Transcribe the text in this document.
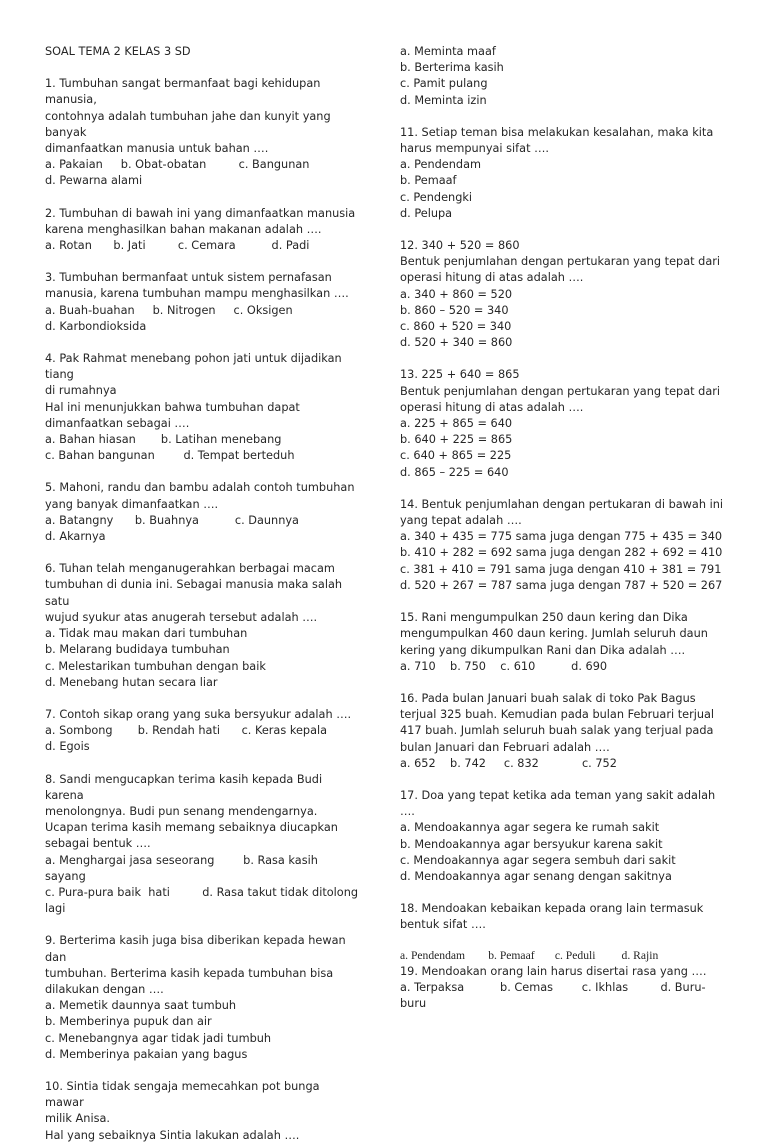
SOAL TEMA 2 KELAS 3 SD
1. Tumbuhan sangat bermanfaat bagi kehidupan manusia,
contohnya adalah tumbuhan jahe dan kunyit yang banyak
dimanfaatkan manusia untuk bahan ….
a. Pakaian     b. Obat-obatan         c. Bangunan
d. Pewarna alami
2. Tumbuhan di bawah ini yang dimanfaatkan manusia
karena menghasilkan bahan makanan adalah ….
a. Rotan      b. Jati         c. Cemara          d. Padi
3. Tumbuhan bermanfaat untuk sistem pernafasan
manusia, karena tumbuhan mampu menghasilkan ….
a. Buah-buahan     b. Nitrogen     c. Oksigen
d. Karbondioksida
4. Pak Rahmat menebang pohon jati untuk dijadikan tiang
di rumahnya
Hal ini menunjukkan bahwa tumbuhan dapat
dimanfaatkan sebagai ….
a. Bahan hiasan       b. Latihan menebang
c. Bahan bangunan        d. Tempat berteduh
5. Mahoni, randu dan bambu adalah contoh tumbuhan
yang banyak dimanfaatkan ….
a. Batangny      b. Buahnya          c. Daunnya
d. Akarnya
6. Tuhan telah menganugerahkan berbagai macam
tumbuhan di dunia ini. Sebagai manusia maka salah satu
wujud syukur atas anugerah tersebut adalah ….
a. Tidak mau makan dari tumbuhan
b. Melarang budidaya tumbuhan
c. Melestarikan tumbuhan dengan baik
d. Menebang hutan secara liar
7. Contoh sikap orang yang suka bersyukur adalah ….
a. Sombong       b. Rendah hati      c. Keras kepala
d. Egois
8. Sandi mengucapkan terima kasih kepada Budi karena
menolongnya. Budi pun senang mendengarnya.
Ucapan terima kasih memang sebaiknya diucapkan
sebagai bentuk ….
a. Menghargai jasa seseorang        b. Rasa kasih sayang
c. Pura-pura baik  hati         d. Rasa takut tidak ditolong lagi
9. Berterima kasih juga bisa diberikan kepada hewan dan
tumbuhan. Berterima kasih kepada tumbuhan bisa
dilakukan dengan ….
a. Memetik daunnya saat tumbuh
b. Memberinya pupuk dan air
c. Menebangnya agar tidak jadi tumbuh
d. Memberinya pakaian yang bagus
10. Sintia tidak sengaja memecahkan pot bunga mawar
milik Anisa.
Hal yang sebaiknya Sintia lakukan adalah ….
a. Meminta maaf
b. Berterima kasih
c. Pamit pulang
d. Meminta izin
11. Setiap teman bisa melakukan kesalahan, maka kita
harus mempunyai sifat ….
a. Pendendam
b. Pemaaf
c. Pendengki
d. Pelupa
12. 340 + 520 = 860
Bentuk penjumlahan dengan pertukaran yang tepat dari
operasi hitung di atas adalah ….
a. 340 + 860 = 520
b. 860 – 520 = 340
c. 860 + 520 = 340
d. 520 + 340 = 860
13. 225 + 640 = 865
Bentuk penjumlahan dengan pertukaran yang tepat dari
operasi hitung di atas adalah ….
a. 225 + 865 = 640
b. 640 + 225 = 865
c. 640 + 865 = 225
d. 865 – 225 = 640
14. Bentuk penjumlahan dengan pertukaran di bawah ini
yang tepat adalah ….
a. 340 + 435 = 775 sama juga dengan 775 + 435 = 340
b. 410 + 282 = 692 sama juga dengan 282 + 692 = 410
c. 381 + 410 = 791 sama juga dengan 410 + 381 = 791
d. 520 + 267 = 787 sama juga dengan 787 + 520 = 267
15. Rani mengumpulkan 250 daun kering dan Dika
mengumpulkan 460 daun kering. Jumlah seluruh daun
kering yang dikumpulkan Rani dan Dika adalah ….
a. 710    b. 750    c. 610          d. 690
16. Pada bulan Januari buah salak di toko Pak Bagus
terjual 325 buah. Kemudian pada bulan Februari terjual
417 buah. Jumlah seluruh buah salak yang terjual pada
bulan Januari dan Februari adalah ….
a. 652    b. 742     c. 832            c. 752
17. Doa yang tepat ketika ada teman yang sakit adalah ….
a. Mendoakannya agar segera ke rumah sakit
b. Mendoakannya agar bersyukur karena sakit
c. Mendoakannya agar segera sembuh dari sakit
d. Mendoakannya agar senang dengan sakitnya
18. Mendoakan kebaikan kepada orang lain termasuk
bentuk sifat ….
a. Pendendam        b. Pemaaf       c. Peduli         d. Rajin
19. Mendoakan orang lain harus disertai rasa yang ….
a. Terpaksa          b. Cemas        c. Ikhlas         d. Buru-buru
